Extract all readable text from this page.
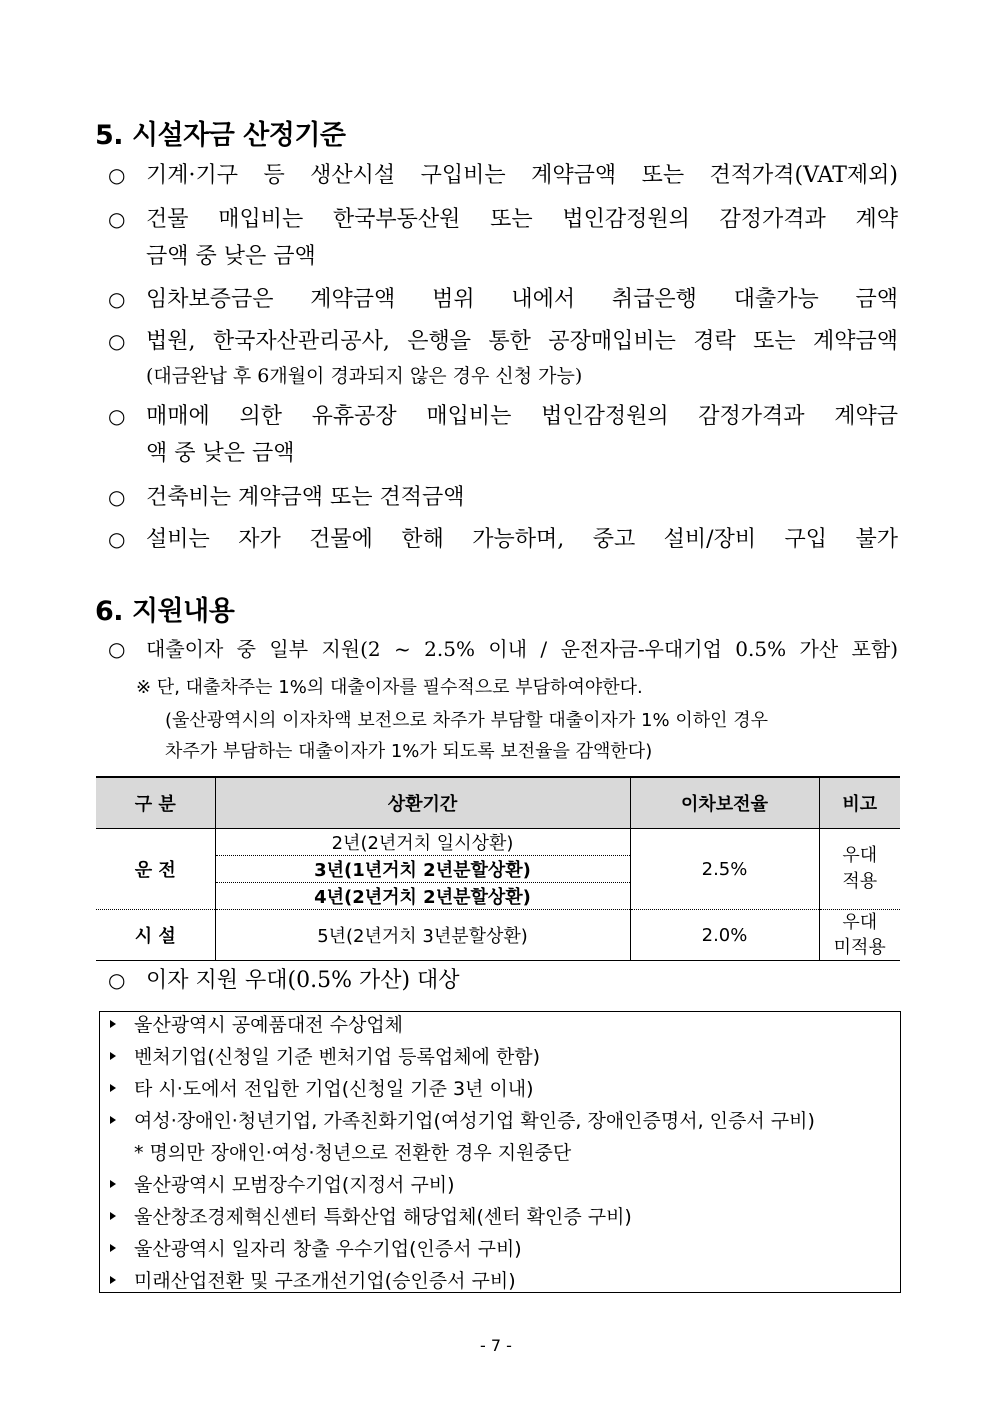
5. 시설자금 산정기준
○ 기계·기구 등 생산시설 구입비는 계약금액 또는 견적가격(VAT제외)
○ 건물 매입비는 한국부동산원 또는 법인감정원의 감정가격과 계약
금액 중 낮은 금액
○ 임차보증금은 계약금액 범위 내에서 취급은행 대출가능 금액
○ 법원, 한국자산관리공사, 은행을 통한 공장매입비는 경락 또는 계약금액
(대금완납 후 6개월이 경과되지 않은 경우 신청 가능)
○ 매매에 의한 유휴공장 매입비는 법인감정원의 감정가격과 계약금
액 중 낮은 금액
○ 건축비는 계약금액 또는 견적금액
○ 설비는 자가 건물에 한해 가능하며, 중고 설비/장비 구입 불가
6. 지원내용
○ 대출이자 중 일부 지원(2 ~ 2.5% 이내 / 운전자금-우대기업 0.5% 가산 포함)
※ 단, 대출차주는 1%의 대출이자를 필수적으로 부담하여야한다.
(울산광역시의 이자차액 보전으로 차주가 부담할 대출이자가 1% 이하인 경우
차주가 부담하는 대출이자가 1%가 되도록 보전율을 감액한다)
구 분	상환기간	이차보전율	비고
운 전	2년(2년거치 일시상환)	2.5%	우대
적용
	3년(1년거치 2년분할상환)		
	4년(2년거치 2년분할상환)		
시 설	5년(2년거치 3년분할상환)	2.0%	우대
미적용
○ 이자 지원 우대(0.5% 가산) 대상
울산광역시 공예품대전 수상업체
벤처기업(신청일 기준 벤처기업 등록업체에 한함)
타 시·도에서 전입한 기업(신청일 기준 3년 이내)
여성·장애인·청년기업, 가족친화기업(여성기업 확인증, 장애인증명서, 인증서 구비)
* 명의만 장애인·여성·청년으로 전환한 경우 지원중단
울산광역시 모범장수기업(지정서 구비)
울산창조경제혁신센터 특화산업 해당업체(센터 확인증 구비)
울산광역시 일자리 창출 우수기업(인증서 구비)
미래산업전환 및 구조개선기업(승인증서 구비)
- 7 -
